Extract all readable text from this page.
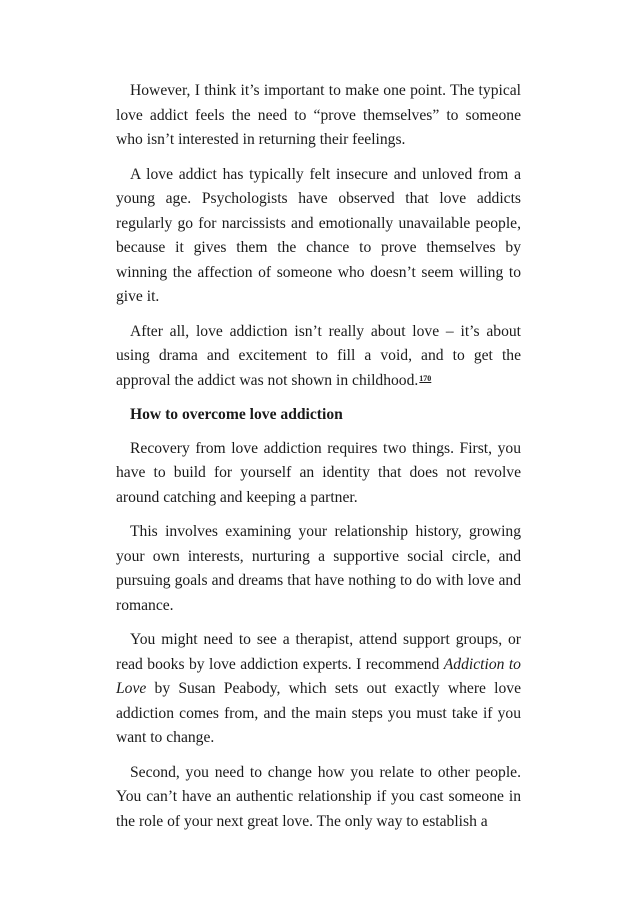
However, I think it’s important to make one point. The typical love addict feels the need to “prove themselves” to someone who isn’t interested in returning their feelings.

A love addict has typically felt insecure and unloved from a young age. Psychologists have observed that love addicts regularly go for narcissists and emotionally unavailable people, because it gives them the chance to prove themselves by winning the affection of someone who doesn’t seem willing to give it.

After all, love addiction isn’t really about love – it’s about using drama and excitement to fill a void, and to get the approval the addict was not shown in childhood.$^{170}$

How to overcome love addiction

Recovery from love addiction requires two things. First, you have to build for yourself an identity that does not revolve around catching and keeping a partner.

This involves examining your relationship history, growing your own interests, nurturing a supportive social circle, and pursuing goals and dreams that have nothing to do with love and romance.

You might need to see a therapist, attend support groups, or read books by love addiction experts. I recommend Addiction to Love by Susan Peabody, which sets out exactly where love addiction comes from, and the main steps you must take if you want to change.

Second, you need to change how you relate to other people. You can’t have an authentic relationship if you cast someone in the role of your next great love. The only way to establish a
